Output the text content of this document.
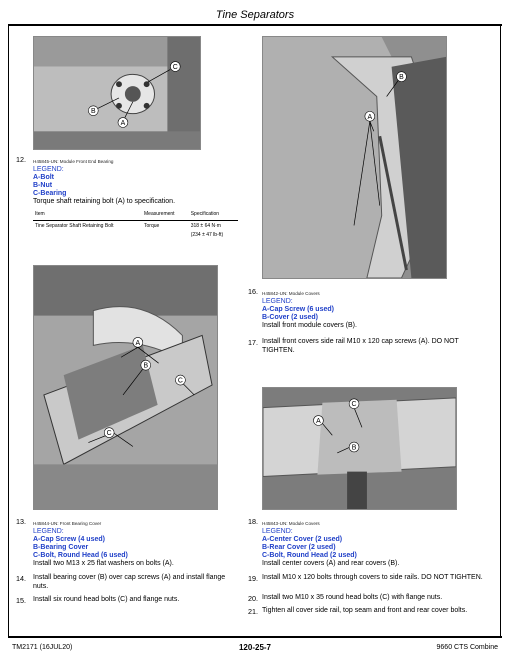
Tine Separators
C
B
A
12. H45845-UN: Module Front End Bearing
LEGEND:
A-Bolt
B-Nut
C-Bearing
Torque shaft retaining bolt (A) to specification.
Item	Measurement	Specification
Tine Separator Shaft Retaining Bolt	Torque	318 ± 64 N·m
(234 ± 47 lb-ft)
A
B
16. H45842-UN: Module Covers
LEGEND:
A-Cap Screw (6 used)
B-Cover (2 used)
Install front module covers (B).
17. Install front covers side rail M10 x 120 cap screws (A). DO NOT TIGHTEN.
A
B
C
C
C
A
B
13. H45844-UN: Front Bearing Cover
LEGEND:
A-Cap Screw (4 used)
B-Bearing Cover
C-Bolt, Round Head (6 used)
Install two M13 x 25 flat washers on bolts (A).
18. H45843-UN: Module Covers
LEGEND:
A-Center Cover (2 used)
B-Rear Cover (2 used)
C-Bolt, Round Head (2 used)
Install center covers (A) and rear covers (B).
14. Install bearing cover (B) over cap screws (A) and install flange nuts.
15. Install six round head bolts (C) and flange nuts.
19. Install M10 x 120 bolts through covers to side rails. DO NOT TIGHTEN.
20. Install two M10 x 35 round head bolts (C) with flange nuts.
21. Tighten all cover side rail, top seam and front and rear cover bolts.
TM2171 (16JUL20)	120-25-7	9660 CTS Combine
